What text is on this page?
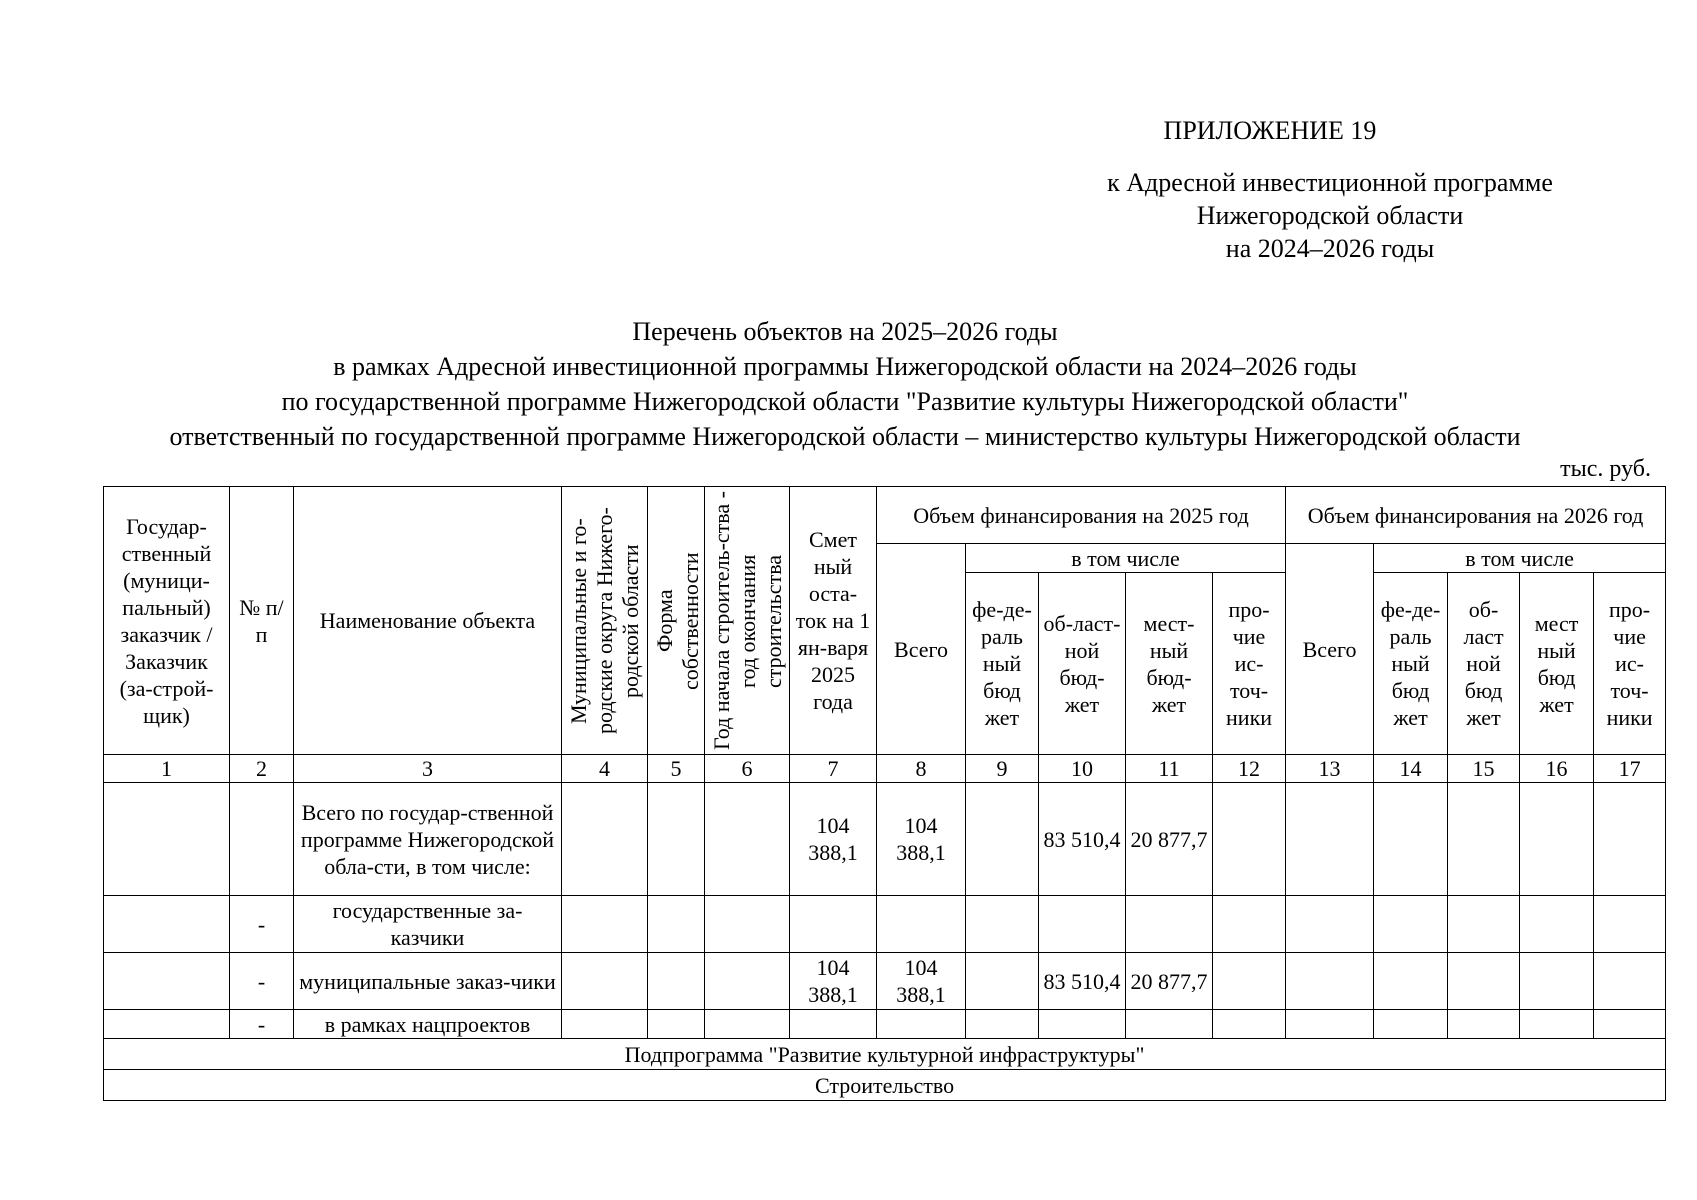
ПРИЛОЖЕНИЕ 19
к Адресной инвестиционной программе
Нижегородской области
на 2024–2026 годы
Перечень объектов на 2025–2026 годы
в рамках Адресной инвестиционной программы Нижегородской области на 2024–2026 годы
по государственной программе Нижегородской области "Развитие культуры Нижегородской области"
ответственный по государственной программе Нижегородской области – министерство культуры Нижегородской области
тыс. руб.
Государ-ственный (муници-пальный) заказчик / Заказчик (за-строй-щик)	№ п/п	Наименование объекта	Муниципальные и го-родские округа Нижего-родской области	Форма собственности	Год начала строитель-ства - год окончания строительства	Смет ный оста-ток на 1 ян-варя 2025 года	Объем финансирования на 2025 год					Объем финансирования на 2026 год				
							Всего	в том числе				Всего	в том числе			
								фе-де-раль ный бюд жет	об-ласт-ной бюд-жет	мест-ный бюд-жет	про-чие ис-точ-ники		фе-де-раль ный бюд жет	об-ласт ной бюд жет	мест ный бюд жет	про-чие ис-точ-ники
1	2	3	4	5	6	7	8	9	10	11	12	13	14	15	16	17
		Всего по государ-ственной программе Нижегородской обла-сти, в том числе:				104 388,1	104 388,1		83 510,4	20 877,7						
	-	государственные за-казчики														
	-	муниципальные заказ-чики				104 388,1	104 388,1		83 510,4	20 877,7						
	-	в рамках нацпроектов														
Подпрограмма "Развитие культурной инфраструктуры"																
Строительство																
